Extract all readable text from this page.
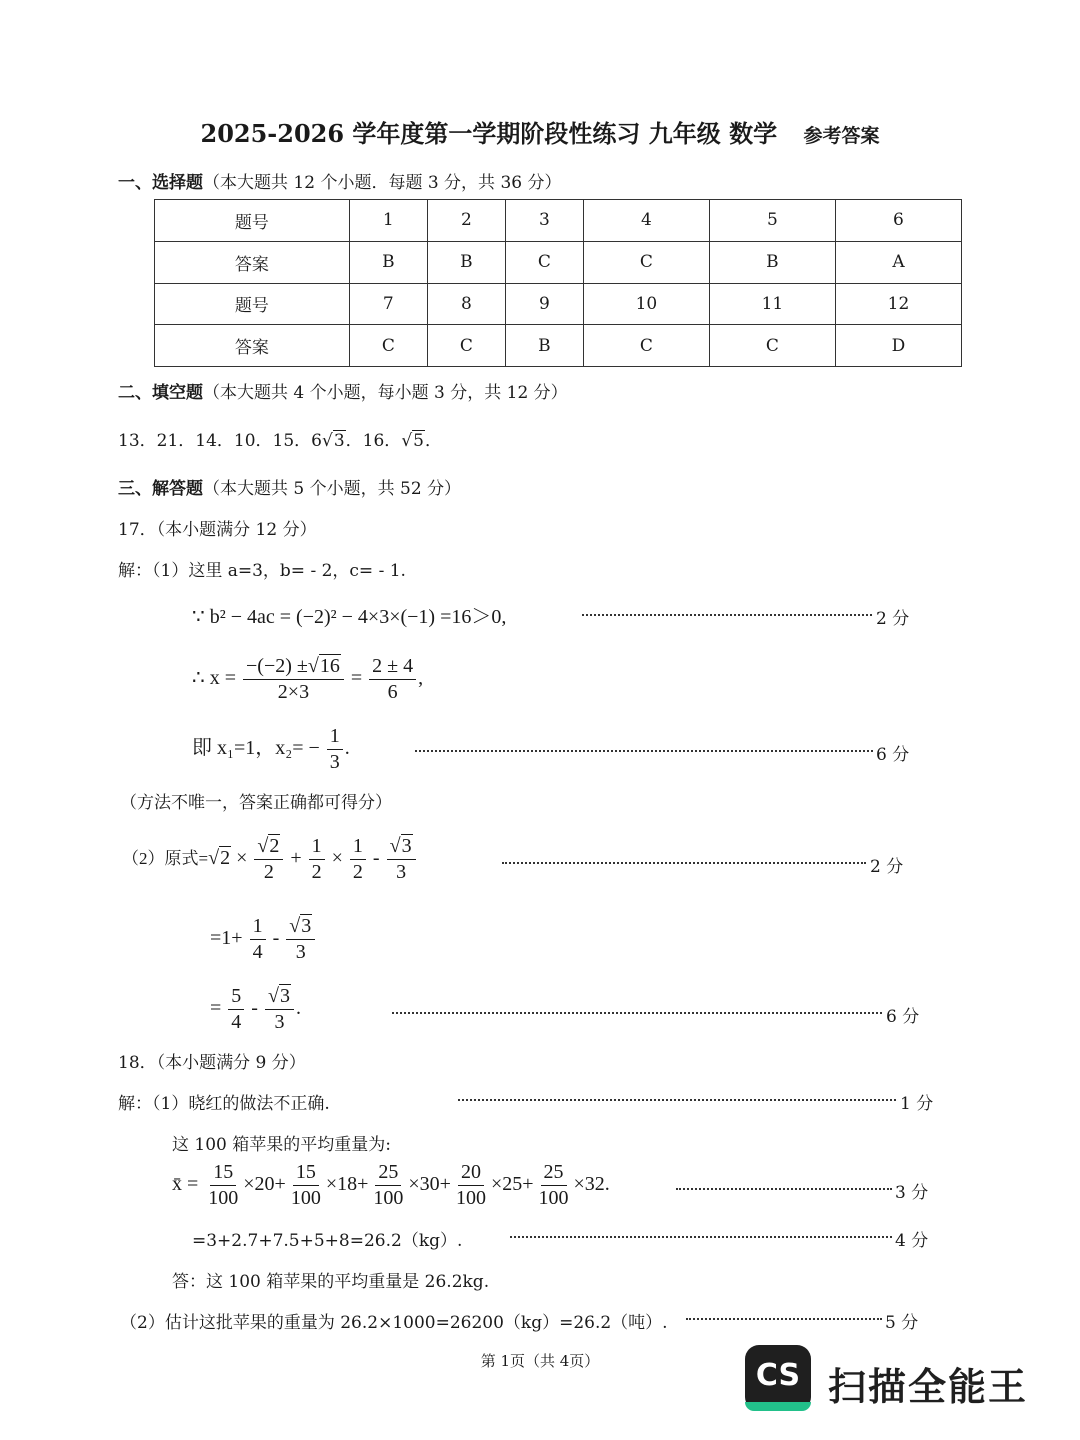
2025-2026 学年度第一学期阶段性练习 九年级 数学 参考答案
一、选择题（本大题共 12 个小题．每题 3 分，共 36 分）
题号	1	2	3	4	5	6
答案	B	B	C	C	B	A
题号	7	8	9	10	11	12
答案	C	C	B	C	C	D
二、填空题（本大题共 4 个小题，每小题 3 分，共 12 分）
13．21．14．10．15．6√3．16．√5．
三、解答题（本大题共 5 个小题，共 52 分）
17．（本小题满分 12 分）
解：（1）这里 a=3，b= - 2，c= - 1.
∵ b² − 4ac = (−2)² − 4×3×(−1) =16＞0,	2 分
∴ $x = \frac{-(-2) \pm√16}{2\times 3} = \frac{2 \pm 4}{6}$ ,
即 x₁=1，$x_2= - \frac{1}{3}$ .	6 分
（方法不唯一，答案正确都可得分）
（2）原式$=√2 \times \frac{√2}{2} + \frac{1}{2} \times \frac{1}{2} - \frac{√3}{3}$	2 分
$=1+ \frac{1}{4} - \frac{√3}{3}$
= $\frac{5}{4} - \frac{√3}{3}$ .	6 分
18．（本小题满分 9 分）
解：（1）晓红的做法不正确.	1 分
这 100 箱苹果的平均重量为:
x̄ = $\frac{15}{100} \times 20+ \frac{15}{100} \times 18+ \frac{25}{100} \times 30+ \frac{20}{100} \times 25+ \frac{25}{100} \times 32$.	3 分
=3+2.7+7.5+5+8=26.2（kg）.	4 分
答：这 100 箱苹果的平均重量是 26.2kg.
（2）估计这批苹果的重量为 26.2×1000=26200（kg）=26.2（吨）.	5 分
第 1页（共 4页）	CS 扫描全能王
